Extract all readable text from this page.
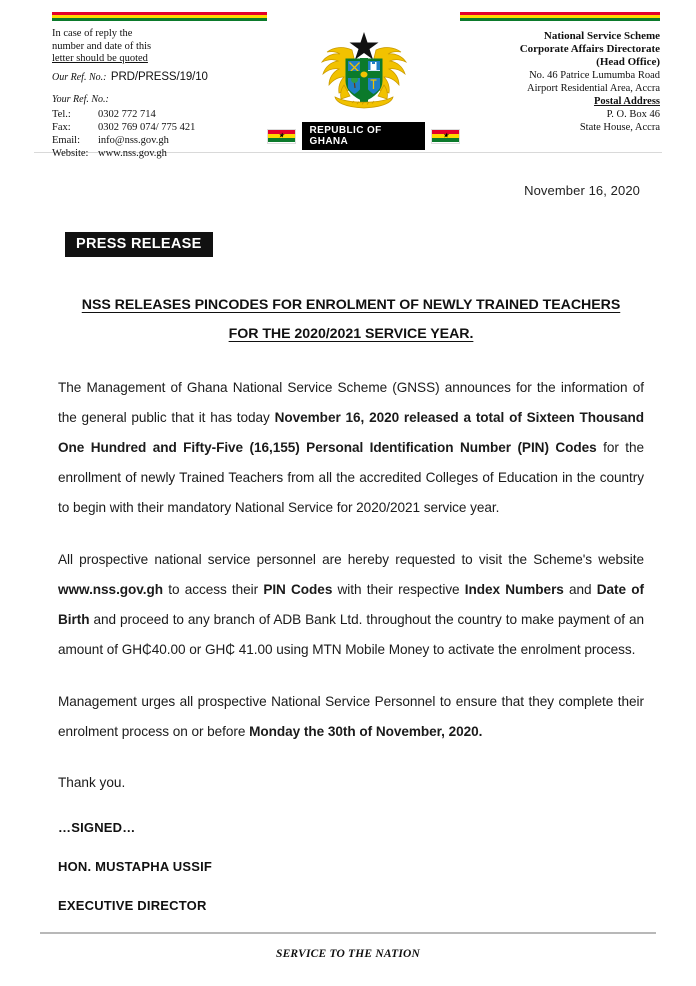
In case of reply the
number and date of this
letter should be quoted
Our Ref. No.: PRD/PRESS/19/10
Your Ref. No.:
Tel.:	0302 772 714
Fax:	0302 769 074/ 775 421
Email:	info@nss.gov.gh
Website:	www.nss.gov.gh
★	REPUBLIC OF GHANA
★
National Service Scheme
Corporate Affairs Directorate
(Head Office)
No. 46 Patrice Lumumba Road
Airport Residential Area, Accra
Postal Address
P. O. Box 46
State House, Accra
November 16, 2020
PRESS RELEASE
NSS RELEASES PINCODES FOR ENROLMENT OF NEWLY TRAINED TEACHERS
FOR THE 2020/2021 SERVICE YEAR.

The Management of Ghana National Service Scheme (GNSS) announces for the information of the general public that it has today November 16, 2020 released a total of Sixteen Thousand One Hundred and Fifty-Five (16,155) Personal Identification Number (PIN) Codes for the enrollment of newly Trained Teachers from all the accredited Colleges of Education in the country to begin with their mandatory National Service for 2020/2021 service year.

All prospective national service personnel are hereby requested to visit the Scheme's website www.nss.gov.gh to access their PIN Codes with their respective Index Numbers and Date of Birth and proceed to any branch of ADB Bank Ltd. throughout the country to make payment of an amount of GH₵40.00 or GH₵ 41.00 using MTN Mobile Money to activate the enrolment process.

Management urges all prospective National Service Personnel to ensure that they complete their enrolment process on or before Monday the 30th of November, 2020.

Thank you.
…SIGNED…
HON. MUSTAPHA USSIF
EXECUTIVE DIRECTOR
SERVICE TO THE NATION
